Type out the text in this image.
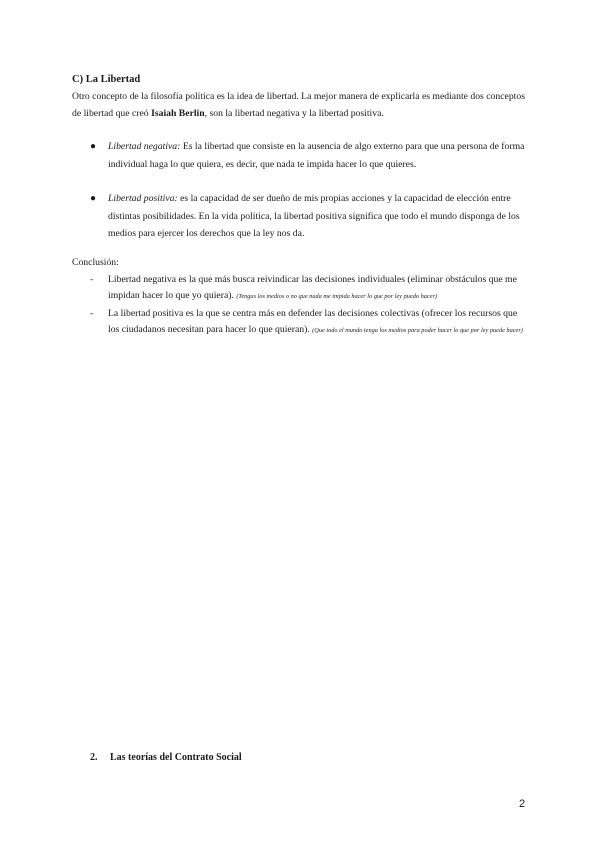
C) La Libertad
Otro concepto de la filosofía política es la idea de libertad. La mejor manera de explicarla es mediante dos conceptos de libertad que creó Isaiah Berlin, son la libertad negativa y la libertad positiva.
● Libertad negativa: Es la libertad que consiste en la ausencia de algo externo para que una persona de forma individual haga lo que quiera, es decir, que nada te impida hacer lo que quieres.
● Libertad positiva: es la capacidad de ser dueño de mis propias acciones y la capacidad de elección entre distintas posibilidades. En la vida política, la libertad positiva significa que todo el mundo disponga de los medios para ejercer los derechos que la ley nos da.
Conclusión:
- Libertad negativa es la que más busca reivindicar las decisiones individuales (eliminar obstáculos que me impidan hacer lo que yo quiera). (Tengas los medios o no que nada me impida hacer lo que por ley puedo hacer)
- La libertad positiva es la que se centra más en defender las decisiones colectivas (ofrecer los recursos que los ciudadanos necesitan para hacer lo que quieran). (Que todo el mundo tenga los medios para poder hacer lo que por ley puede hacer)
2. Las teorías del Contrato Social
2
